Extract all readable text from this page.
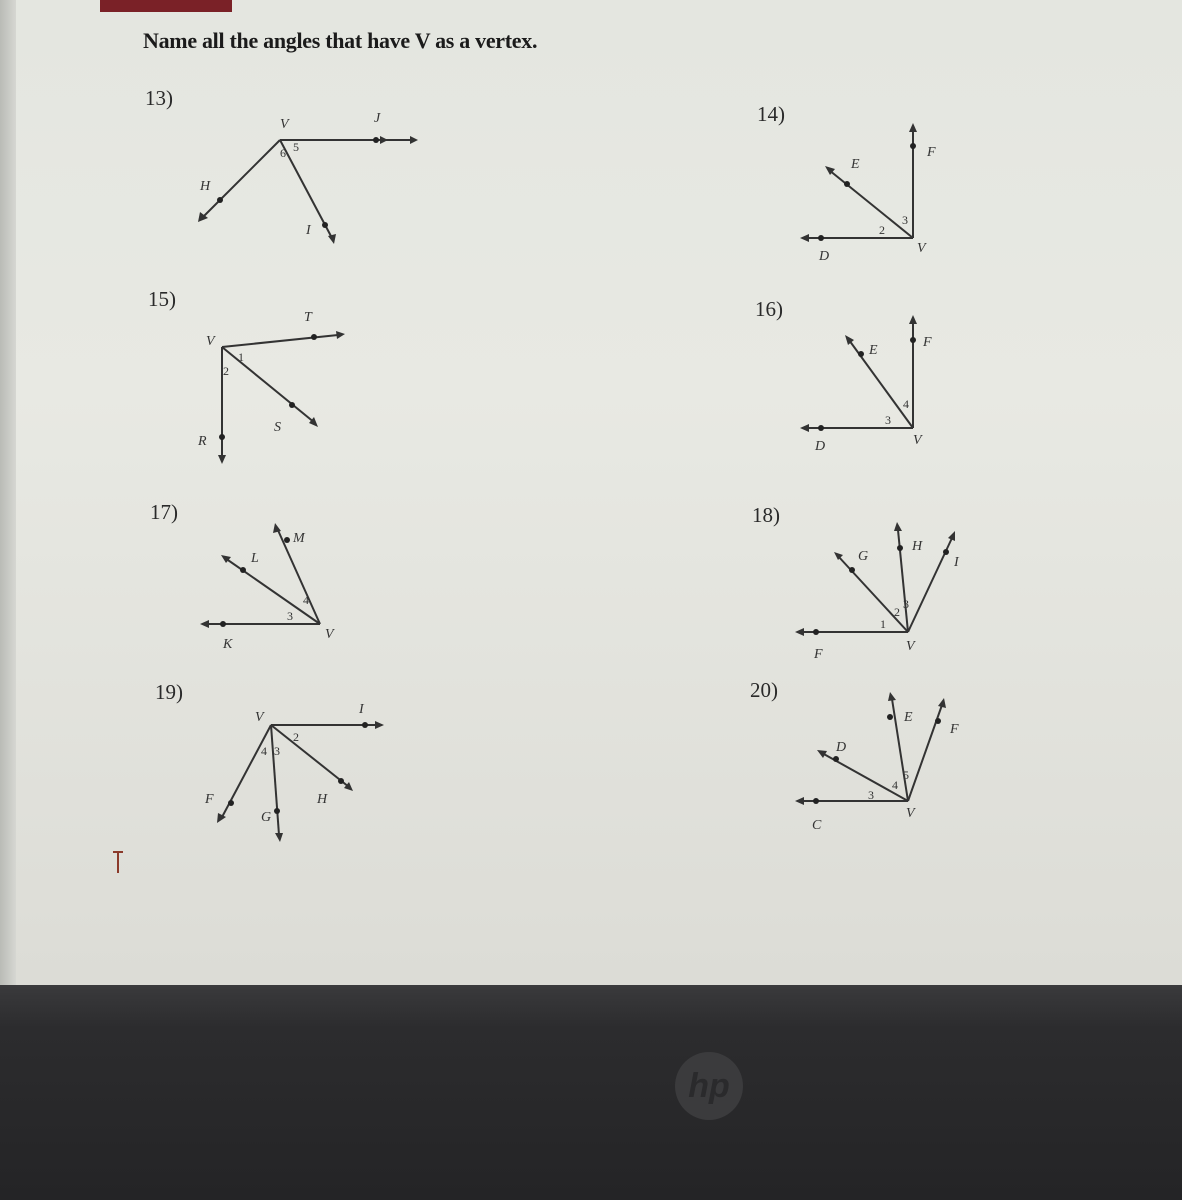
Name all the angles that have V as a vertex.
13)
V	J
H
I
6 5
14)
F
E
D
V
2
3
15)
V
T
S
R
1
2
16)
E
F
D	V
3
4
17)
M
L
K
V
4
3
18)
G
H
I
F
V
2
3
1
19)
V
I
F
G
H
2
4 3
20)
E
F
D
C
V
5
4
3
hp
